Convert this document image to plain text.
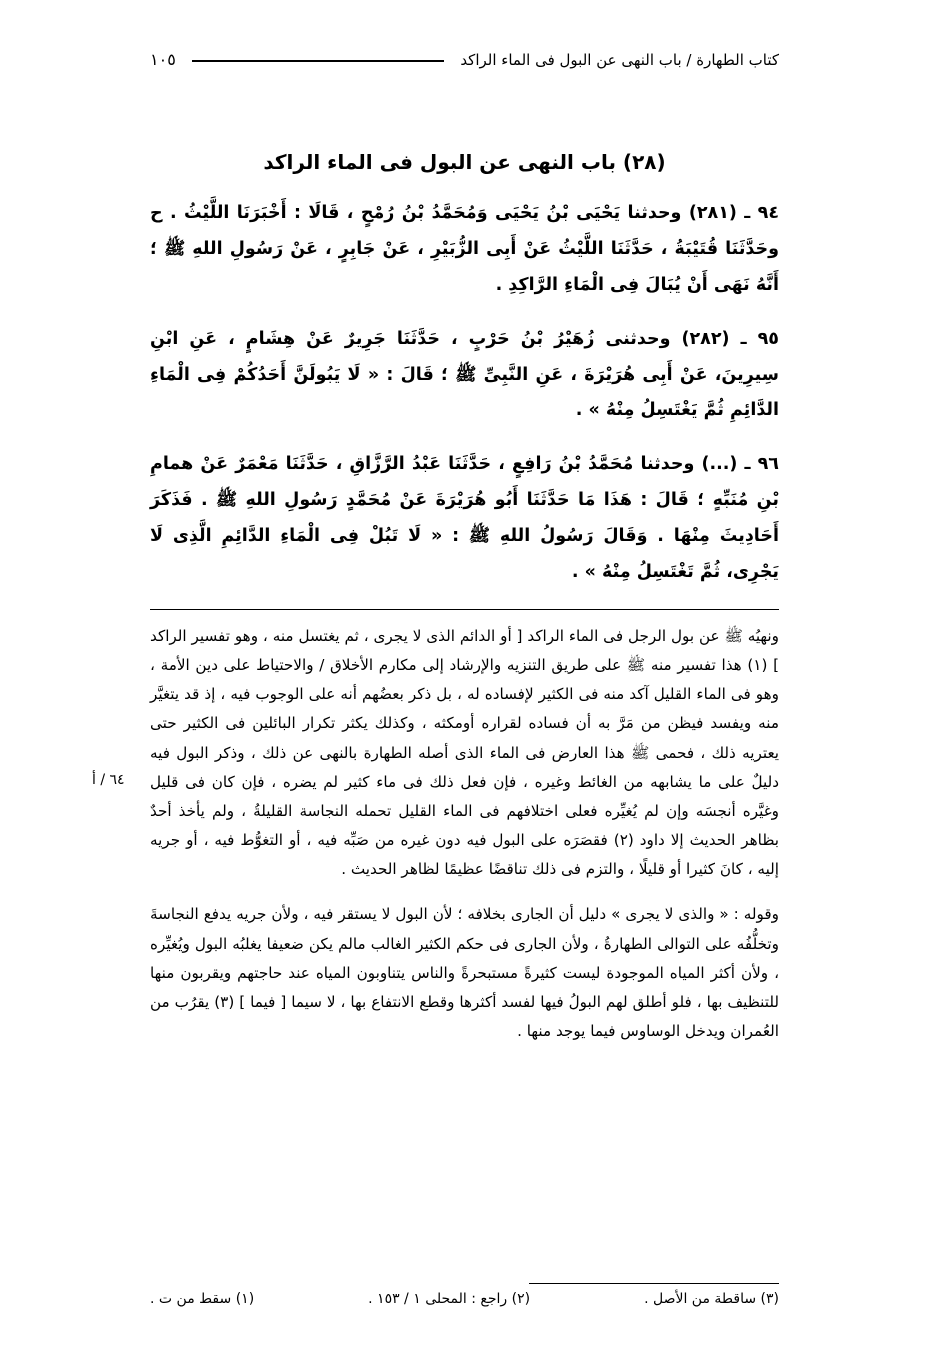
كتاب الطهارة / باب النهى عن البول فى الماء الراكد
١٠٥
(٢٨) باب النهى عن البول فى الماء الراكد

٩٤ ـ (٢٨١) وحدثنا يَحْيَى بْنُ يَحْيَى وَمُحَمَّدُ بْنُ رُمْحٍ ، قَالَا : أَخْبَرَنَا اللَّيْثُ . ح وحَدَّثَنَا قُتَيْبَةُ ، حَدَّثَنَا اللَّيْثُ عَنْ أَبِى الزُّبَيْرِ ، عَنْ جَابِرٍ ، عَنْ رَسُولِ اللهِ ﷺ ؛ أَنَّهُ نَهَى أَنْ يُبَالَ فِى الْمَاءِ الرَّاكِدِ .

٩٥ ـ (٢٨٢) وحدثنى زُهَيْرُ بْنُ حَرْبٍ ، حَدَّثَنَا جَرِيرٌ عَنْ هِشَامٍ ، عَنِ ابْنِ سِيرِينَ، عَنْ أَبِى هُرَيْرَةَ ، عَنِ النَّبِىِّ ﷺ ؛ قَالَ : « لَا يَبُولَنَّ أَحَدُكُمْ فِى الْمَاءِ الدَّائِمِ ثُمَّ يَغْتَسِلُ مِنْهُ » .

٩٦ ـ (...) وحدثنا مُحَمَّدُ بْنُ رَافِعٍ ، حَدَّثَنَا عَبْدُ الرَّزَّاقِ ، حَدَّثَنَا مَعْمَرٌ عَنْ همامِ بْنِ مُنَبِّهٍ ؛ قَالَ : هَذَا مَا حَدَّثَنَا أَبُو هُرَيْرَةَ عَنْ مُحَمَّدٍ رَسُولِ اللهِ ﷺ . فَذَكَرَ أَحَادِيثَ مِنْهَا . وَقَالَ رَسُولُ اللهِ ﷺ : « لَا تَبُلْ فِى الْمَاءِ الدَّائِمِ الَّذِى لَا يَجْرِى، ثُمَّ تَغْتَسِلُ مِنْهُ » .

ونهيُه ﷺ عن بول الرجل فى الماء الراكد [ أو الدائم الذى لا يجرى ، ثم يغتسل منه ، وهو تفسير الراكد ] (١) هذا تفسير منه ﷺ على طريق التنزيه والإرشاد إلى مكارم الأخلاق / والاحتياط على دين الأمة ، وهو فى الماء القليل آكد منه فى الكثير لإفساده له ، بل ذكر بعضُهم أنه على الوجوب فيه ، إذ قد يتغيَّر منه ويفسد فيظن من مَرَّ به أن فساده لقراره أومكثه ، وكذلك يكثر تكرار البائلين فى الكثير حتى يعتريه ذلك ، فحمى ﷺ هذا العارض فى الماء الذى أصله الطهارة بالنهى عن ذلك ، وذكر البول فيه دليلٌ على ما يشابهه من الغائط وغيره ، فإن فعل ذلك فى ماء كثير لم يضره ، فإن كان فى قليل وغيَّره أنجسَه وإن لم يُغيِّره فعلى اختلافهم فى الماء القليل تحمله النجاسة القليلةُ ، ولم يأخذ أحدٌ بظاهر الحديث إلا داود (٢) فقصَرَه على البول فيه دون غيره من صَبِّه فيه ، أو التغوُّط فيه ، أو جريه إليه ، كانَ كثيرا أو قليلًا ، والتزم فى ذلك تناقضًا عظيمًا لظاهر الحديث .

وقوله : « والذى لا يجرى » دليل أن الجارى بخلافه ؛ لأن البول لا يستقر فيه ، ولأن جريه يدفع النجاسةَ وتخلُّفُه على التوالى الطهارةُ ، ولأن الجارى فى حكم الكثير الغالب مالم يكن ضعيفا يغلبُه البول ويُغيِّره ، ولأن أكثر المياه الموجودة ليست كثيرةً مستبحرةً والناس يتناوبون المياه عند حاجتهم ويقربون منها للتنظيف بها ، فلو أطلق لهم البولُ فيها لفسد أكثرها وقطع الانتفاع بها ، لا سيما [ فيما ] (٣) يقرُب من العُمران ويدخل الوساوس فيما يوجد منها .

٦٤ / أ
(٣) ساقطة من الأصل .
(٢) راجع : المحلى ١ / ١٥٣ .
(١) سقط من ت .
